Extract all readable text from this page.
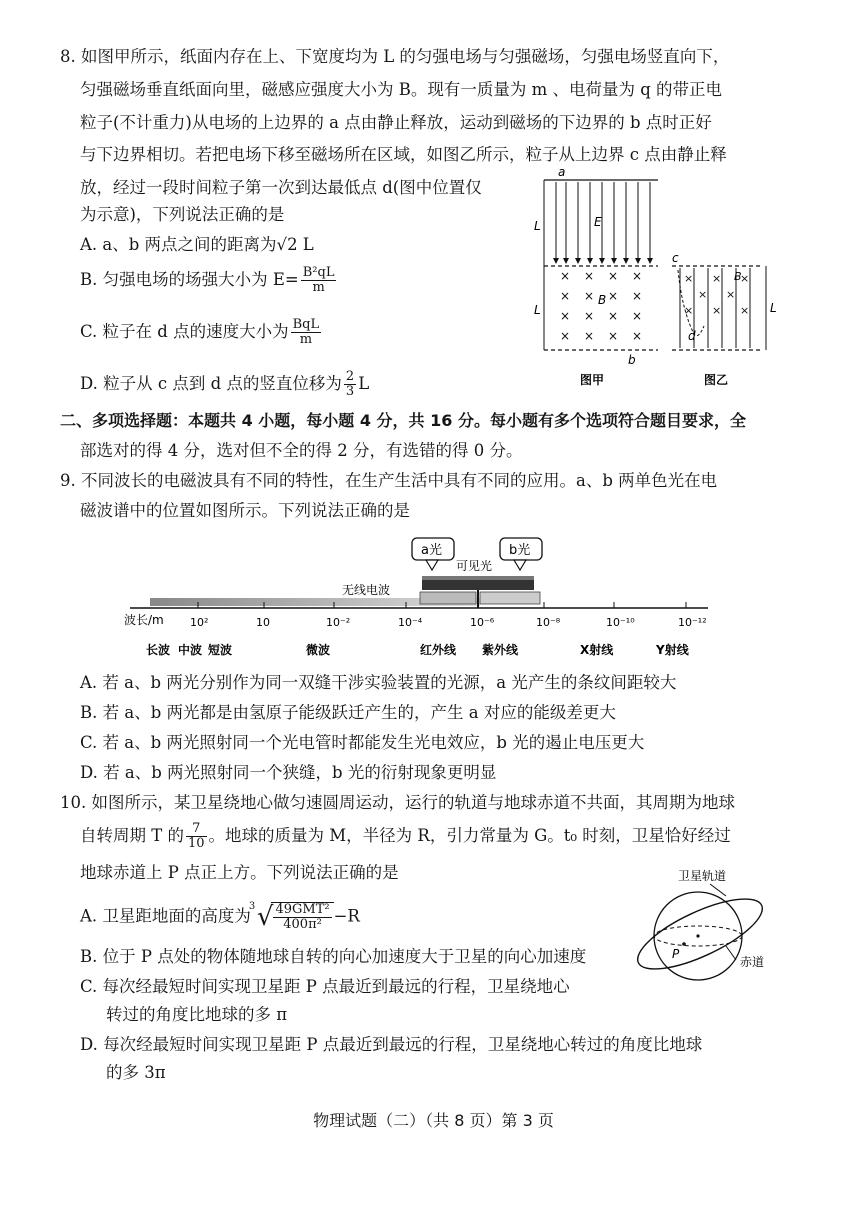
8. 如图甲所示，纸面内存在上、下宽度均为 L 的匀强电场与匀强磁场，匀强电场竖直向下，
匀强磁场垂直纸面向里，磁感应强度大小为 B。现有一质量为 m 、电荷量为 q 的带正电
粒子(不计重力)从电场的上边界的 a 点由静止释放，运动到磁场的下边界的 b 点时正好
与下边界相切。若把电场下移至磁场所在区域，如图乙所示，粒子从上边界 c 点由静止释
放，经过一段时间粒子第一次到达最低点 d(图中位置仅
为示意)，下列说法正确的是
A. a、b 两点之间的距离为√2 L
B. 匀强电场的场强大小为 $E= \frac{\text{B²qL}}{m}$
C. 粒子在 d 点的速度大小为 $\frac{\text{BqL}}{m}$
D. 粒子从 c 点到 d 点的竖直位移为 $\frac{2}{3}$ L
a
E
L
L
× × × ×
× × × ×
× × × ×
× × × ×
B
b
图甲
c
× × ×
× ×
× × ×
B
d
L
图乙
二、多项选择题：本题共 4 小题，每小题 4 分，共 16 分。每小题有多个选项符合题目要求，全
部选对的得 4 分，选对但不全的得 2 分，有选错的得 0 分。
9. 不同波长的电磁波具有不同的特性，在生产生活中具有不同的应用。a、b 两单色光在电
磁波谱中的位置如图所示。下列说法正确的是
a光	b光
可见光
无线电波
波长/m 10²	10	10⁻²	10⁻⁴	10⁻⁶	10⁻⁸	10⁻¹⁰	10⁻¹²
长波 中波 短波	微波	红外线 紫外线	X射线	Y射线
A. 若 a、b 两光分别作为同一双缝干涉实验装置的光源，a 光产生的条纹间距较大
B. 若 a、b 两光都是由氢原子能级跃迁产生的，产生 a 对应的能级差更大
C. 若 a、b 两光照射同一个光电管时都能发生光电效应，b 光的遏止电压更大
D. 若 a、b 两光照射同一个狭缝，b 光的衍射现象更明显
10. 如图所示，某卫星绕地心做匀速圆周运动，运行的轨道与地球赤道不共面，其周期为地球
自转周期 T 的 $\frac{7}{10}$ 。地球的质量为 M，半径为 R，引力常量为 G。t₀ 时刻，卫星恰好经过
地球赤道上 P 点正上方。下列说法正确的是
A. 卫星距地面的高度为
3 √ $\frac{\text{49GMT²}}{\text{400π²}} -R$
B. 位于 P 点处的物体随地球自转的向心加速度大于卫星的向心加速度
C. 每次经最短时间实现卫星距 P 点最近到最远的行程，卫星绕地心
转过的角度比地球的多 π
D. 每次经最短时间实现卫星距 P 点最近到最远的行程，卫星绕地心转过的角度比地球
的多 3π
卫星轨道
P
赤道
物理试题（二）（共 8 页）第 3 页
